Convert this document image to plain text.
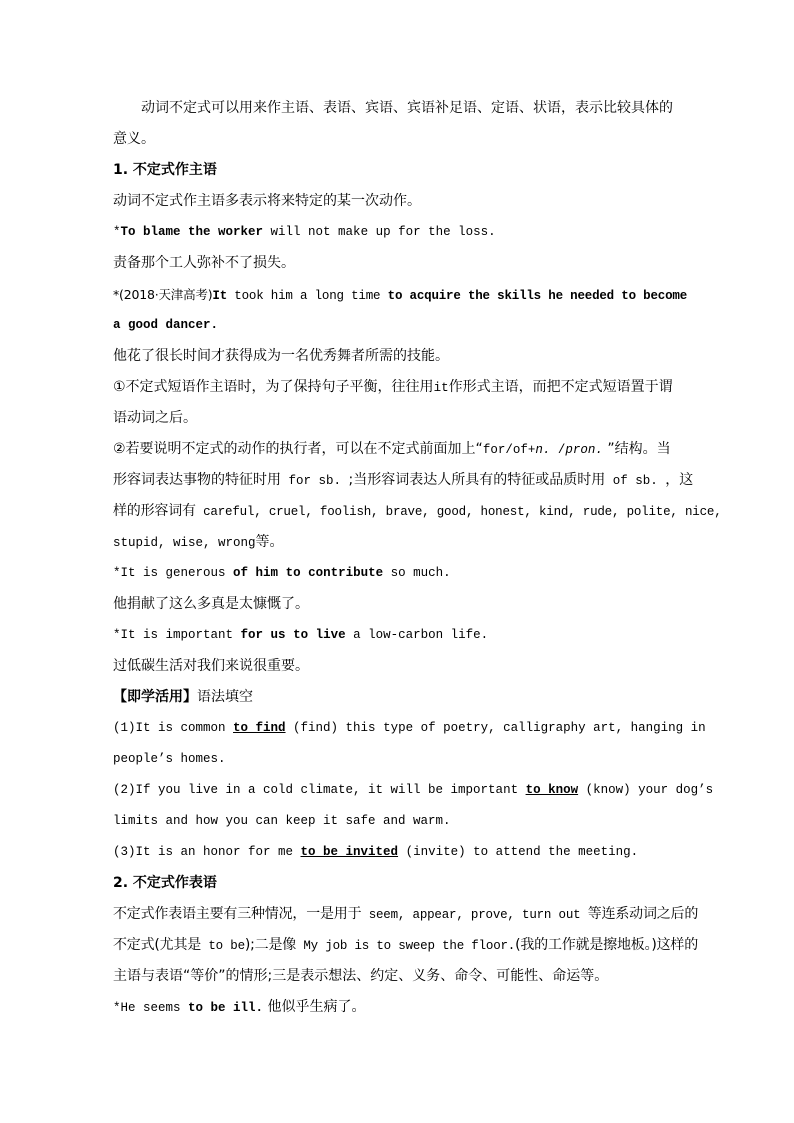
动词不定式可以用来作主语、表语、宾语、宾语补足语、定语、状语，表示比较具体的
意义。
1. 不定式作主语
动词不定式作主语多表示将来特定的某一次动作。
*To blame the worker will not make up for the loss.
责备那个工人弥补不了损失。
*(2018·天津高考)It took him a long time to acquire the skills he needed to become
a good dancer.
他花了很长时间才获得成为一名优秀舞者所需的技能。
①不定式短语作主语时，为了保持句子平衡，往往用it作形式主语，而把不定式短语置于谓
语动词之后。
②若要说明不定式的动作的执行者，可以在不定式前面加上“for/of+n. /pron. ”结构。当
形容词表达事物的特征时用 for sb. ;当形容词表达人所具有的特征或品质时用 of sb. ，这
样的形容词有 careful, cruel, foolish, brave, good, honest, kind, rude, polite, nice,
stupid, wise, wrong等。
*It is generous of him to contribute so much.
他捐献了这么多真是太慷慨了。
*It is important for us to live a low-carbon life.
过低碳生活对我们来说很重要。
【即学活用】语法填空
(1)It is common to find (find) this type of poetry, calligraphy art, hanging in
people’s homes.
(2)If you live in a cold climate, it will be important to know (know) your dog’s
limits and how you can keep it safe and warm.
(3)It is an honor for me to be invited (invite) to attend the meeting.
2. 不定式作表语
不定式作表语主要有三种情况，一是用于 seem, appear, prove, turn out 等连系动词之后的
不定式(尤其是 to be);二是像 My job is to sweep the floor.(我的工作就是擦地板。)这样的
主语与表语“等价”的情形;三是表示想法、约定、义务、命令、可能性、命运等。
*He seems to be ill. 他似乎生病了。
